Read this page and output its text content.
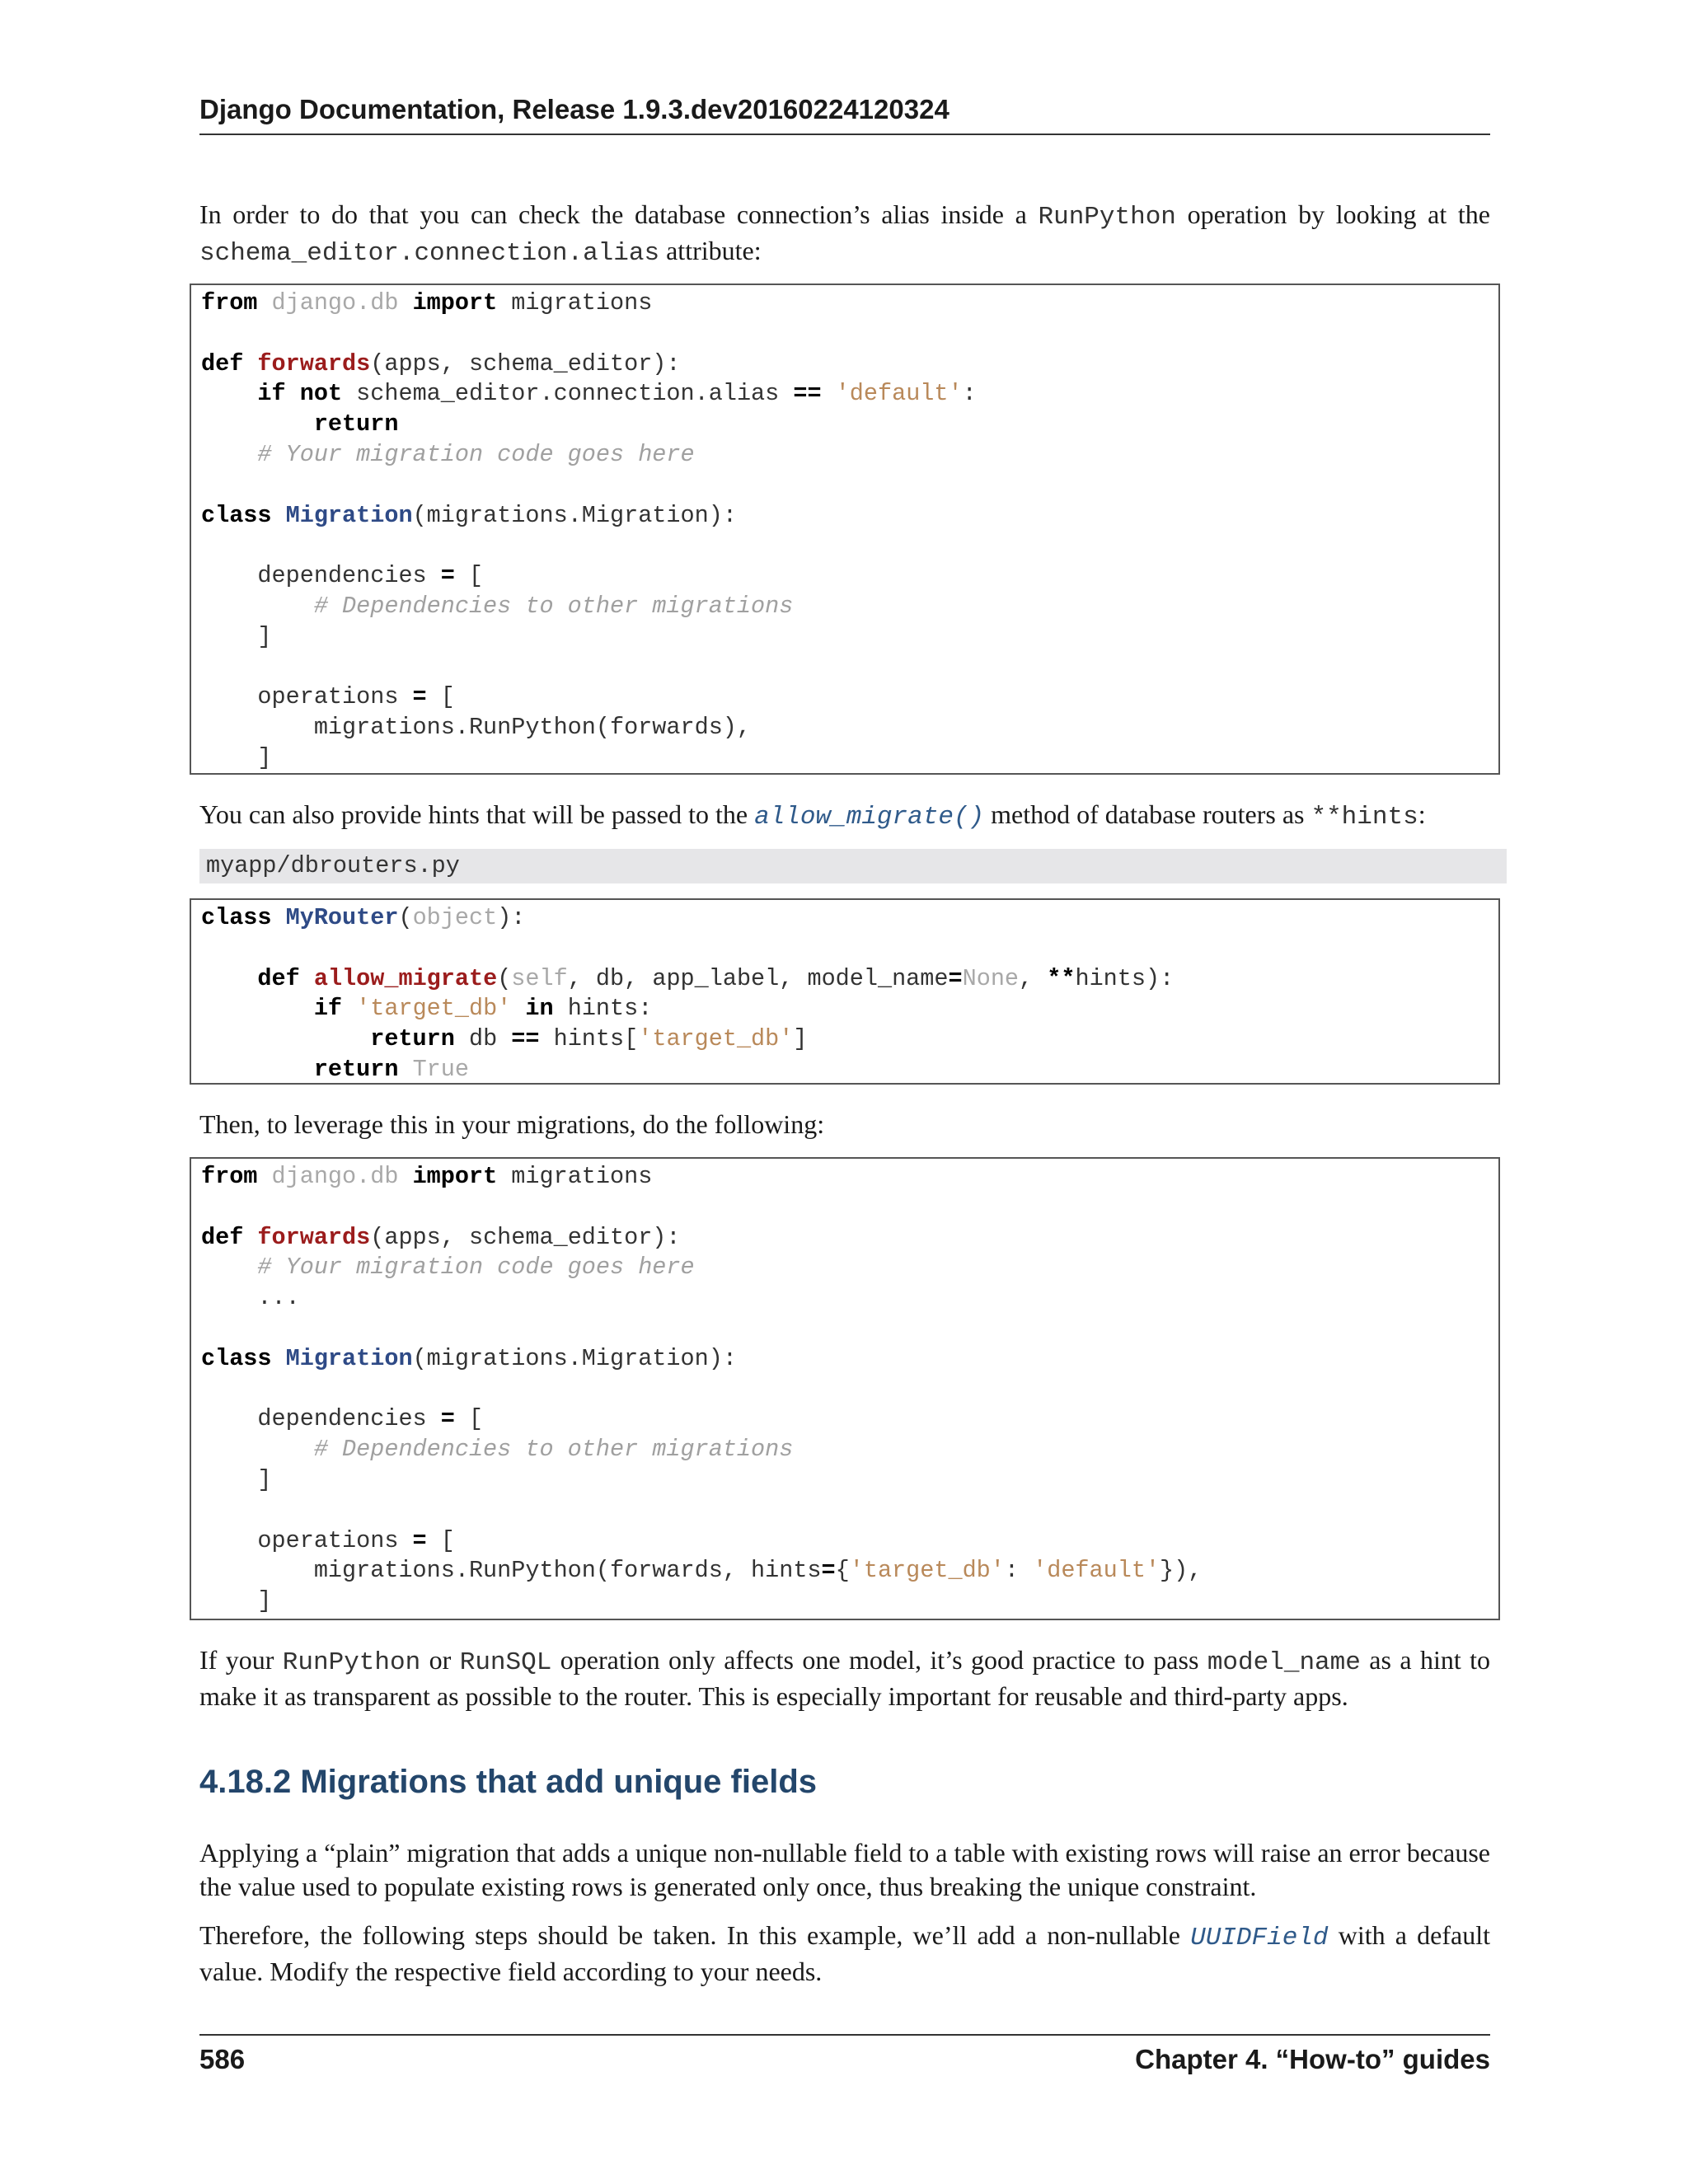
Django Documentation, Release 1.9.3.dev20160224120324
In order to do that you can check the database connection’s alias inside a RunPython operation by looking at the schema_editor.connection.alias attribute:
from django.db import migrations

def forwards(apps, schema_editor):
if not schema_editor.connection.alias == 'default':
return
# Your migration code goes here

class Migration(migrations.Migration):

dependencies = [
# Dependencies to other migrations
]

operations = [
migrations.RunPython(forwards),
]
You can also provide hints that will be passed to the allow_migrate() method of database routers as **hints:
myapp/dbrouters.py
class MyRouter(object):

def allow_migrate(self, db, app_label, model_name=None, **hints):
if 'target_db' in hints:
return db == hints['target_db']
return True
Then, to leverage this in your migrations, do the following:
from django.db import migrations

def forwards(apps, schema_editor):
# Your migration code goes here
...

class Migration(migrations.Migration):

dependencies = [
# Dependencies to other migrations
]

operations = [
migrations.RunPython(forwards, hints={'target_db': 'default'}),
]
If your RunPython or RunSQL operation only affects one model, it’s good practice to pass model_name as a hint to make it as transparent as possible to the router. This is especially important for reusable and third-party apps.
4.18.2 Migrations that add unique fields
Applying a “plain” migration that adds a unique non-nullable field to a table with existing rows will raise an error because the value used to populate existing rows is generated only once, thus breaking the unique constraint.
Therefore, the following steps should be taken. In this example, we’ll add a non-nullable UUIDField with a default value. Modify the respective field according to your needs.
586	Chapter 4. “How-to” guides
